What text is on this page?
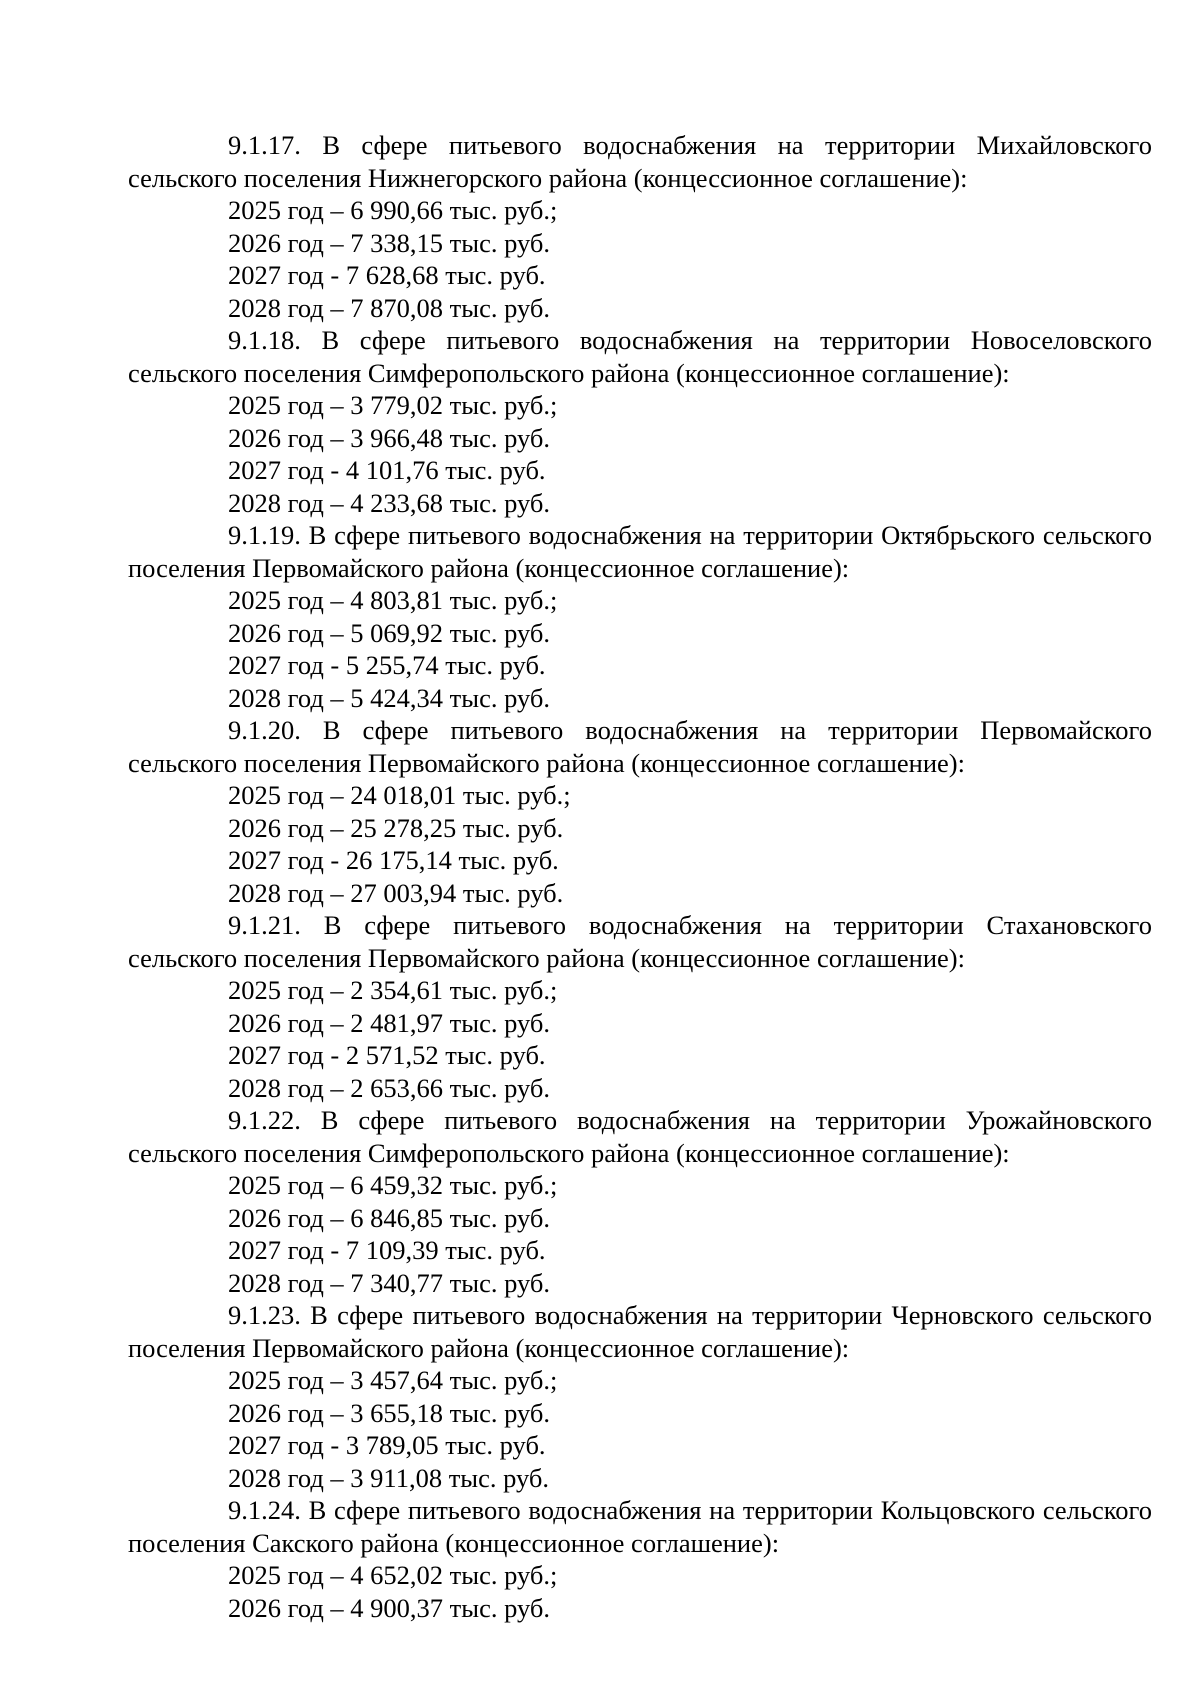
9.1.17. В сфере питьевого водоснабжения на территории Михайловского сельского поселения Нижнегорского района (концессионное соглашение):

2025 год – 6 990,66 тыс. руб.;

2026 год – 7 338,15 тыс. руб.

2027 год - 7 628,68 тыс. руб.

2028 год – 7 870,08 тыс. руб.

9.1.18. В сфере питьевого водоснабжения на территории Новоселовского сельского поселения Симферопольского района (концессионное соглашение):

2025 год – 3 779,02 тыс. руб.;

2026 год – 3 966,48 тыс. руб.

2027 год - 4 101,76 тыс. руб.

2028 год – 4 233,68 тыс. руб.

9.1.19. В сфере питьевого водоснабжения на территории Октябрьского сельского поселения Первомайского района (концессионное соглашение):

2025 год – 4 803,81 тыс. руб.;

2026 год – 5 069,92 тыс. руб.

2027 год - 5 255,74 тыс. руб.

2028 год – 5 424,34 тыс. руб.

9.1.20. В сфере питьевого водоснабжения на территории Первомайского сельского поселения Первомайского района (концессионное соглашение):

2025 год – 24 018,01 тыс. руб.;

2026 год – 25 278,25 тыс. руб.

2027 год - 26 175,14 тыс. руб.

2028 год – 27 003,94 тыс. руб.

9.1.21. В сфере питьевого водоснабжения на территории Стахановского сельского поселения Первомайского района (концессионное соглашение):

2025 год – 2 354,61 тыс. руб.;

2026 год – 2 481,97 тыс. руб.

2027 год - 2 571,52 тыс. руб.

2028 год – 2 653,66 тыс. руб.

9.1.22. В сфере питьевого водоснабжения на территории Урожайновского сельского поселения Симферопольского района (концессионное соглашение):

2025 год – 6 459,32 тыс. руб.;

2026 год – 6 846,85 тыс. руб.

2027 год - 7 109,39 тыс. руб.

2028 год – 7 340,77 тыс. руб.

9.1.23. В сфере питьевого водоснабжения на территории Черновского сельского поселения Первомайского района (концессионное соглашение):

2025 год – 3 457,64 тыс. руб.;

2026 год – 3 655,18 тыс. руб.

2027 год - 3 789,05 тыс. руб.

2028 год – 3 911,08 тыс. руб.

9.1.24. В сфере питьевого водоснабжения на территории Кольцовского сельского поселения Сакского района (концессионное соглашение):

2025 год – 4 652,02 тыс. руб.;

2026 год – 4 900,37 тыс. руб.
